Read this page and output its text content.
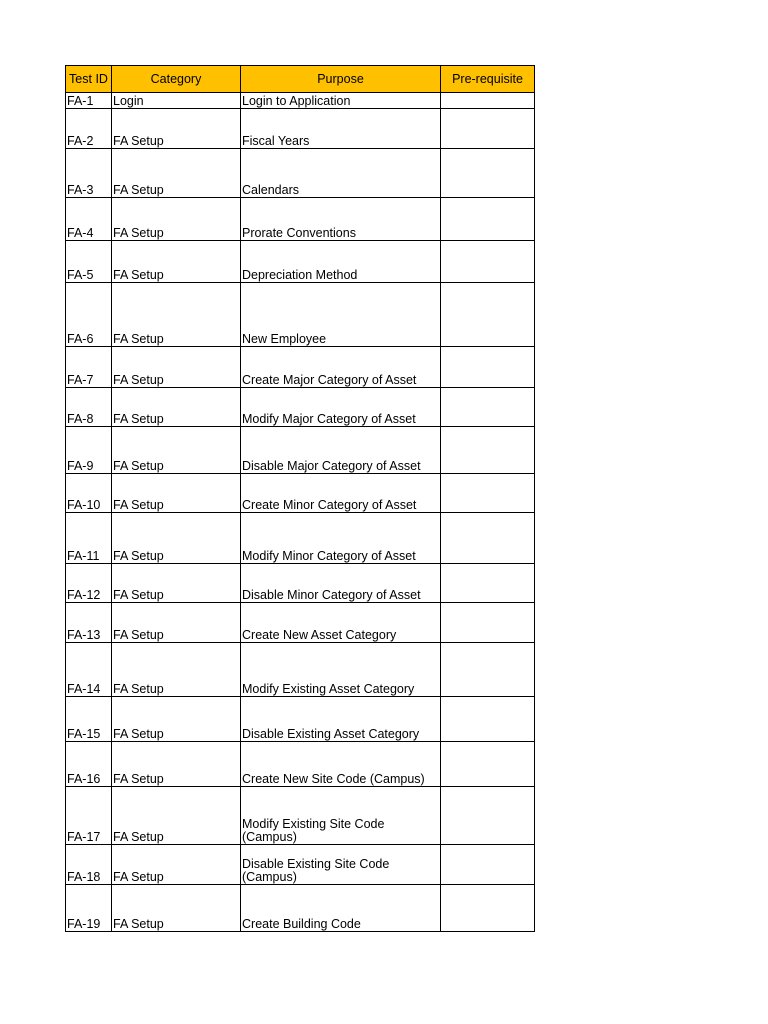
Test ID	Category	Purpose	Pre-requisite
FA-1	Login	Login to Application	
FA-2	FA Setup	Fiscal Years	
FA-3	FA Setup	Calendars	
FA-4	FA Setup	Prorate Conventions	
FA-5	FA Setup	Depreciation Method	
FA-6	FA Setup	New Employee	
FA-7	FA Setup	Create Major Category of Asset	
FA-8	FA Setup	Modify Major Category of Asset	
FA-9	FA Setup	Disable Major Category of Asset	
FA-10	FA Setup	Create Minor Category of Asset	
FA-11	FA Setup	Modify Minor Category of Asset	
FA-12	FA Setup	Disable Minor Category of Asset	
FA-13	FA Setup	Create New Asset Category	
FA-14	FA Setup	Modify Existing Asset Category	
FA-15	FA Setup	Disable Existing Asset Category	
FA-16	FA Setup	Create New Site Code (Campus)	
FA-17	FA Setup	Modify Existing Site Code (Campus)	
FA-18	FA Setup	Disable Existing Site Code (Campus)	
FA-19	FA Setup	Create Building Code	
